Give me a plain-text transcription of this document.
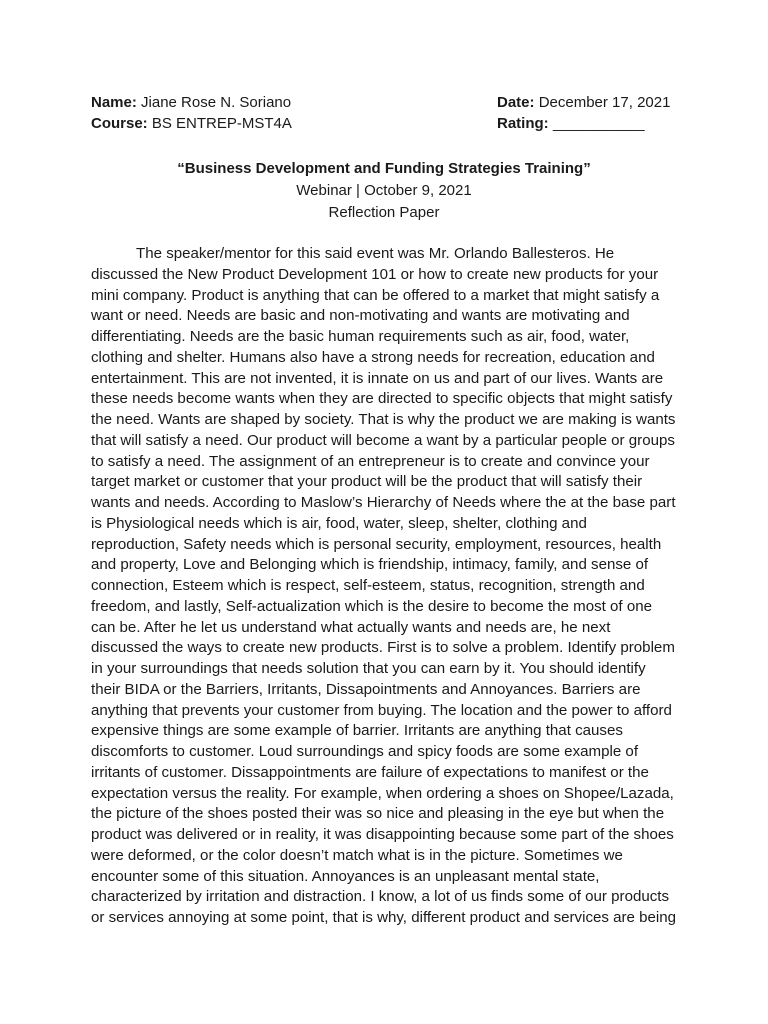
Name: Jiane Rose N. Soriano	Date: December 17, 2021
Course: BS ENTREP-MST4A	Rating: ___________
“Business Development and Funding Strategies Training”
Webinar | October 9, 2021
Reflection Paper
The speaker/mentor for this said event was Mr. Orlando Ballesteros. He
discussed the New Product Development 101 or how to create new products for your
mini company. Product is anything that can be offered to a market that might satisfy a
want or need. Needs are basic and non-motivating and wants are motivating and
differentiating. Needs are the basic human requirements such as air, food, water,
clothing and shelter. Humans also have a strong needs for recreation, education and
entertainment. This are not invented, it is innate on us and part of our lives. Wants are
these needs become wants when they are directed to specific objects that might satisfy
the need. Wants are shaped by society. That is why the product we are making is wants
that will satisfy a need. Our product will become a want by a particular people or groups
to satisfy a need. The assignment of an entrepreneur is to create and convince your
target market or customer that your product will be the product that will satisfy their
wants and needs. According to Maslow’s Hierarchy of Needs where the at the base part
is Physiological needs which is air, food, water, sleep, shelter, clothing and
reproduction, Safety needs which is personal security, employment, resources, health
and property, Love and Belonging which is friendship, intimacy, family, and sense of
connection, Esteem which is respect, self-esteem, status, recognition, strength and
freedom, and lastly, Self-actualization which is the desire to become the most of one
can be. After he let us understand what actually wants and needs are, he next
discussed the ways to create new products. First is to solve a problem. Identify problem
in your surroundings that needs solution that you can earn by it. You should identify
their BIDA or the Barriers, Irritants, Dissapointments and Annoyances. Barriers are
anything that prevents your customer from buying. The location and the power to afford
expensive things are some example of barrier. Irritants are anything that causes
discomforts to customer. Loud surroundings and spicy foods are some example of
irritants of customer. Dissappointments are failure of expectations to manifest or the
expectation versus the reality. For example, when ordering a shoes on Shopee/Lazada,
the picture of the shoes posted their was so nice and pleasing in the eye but when the
product was delivered or in reality, it was disappointing because some part of the shoes
were deformed, or the color doesn’t match what is in the picture. Sometimes we
encounter some of this situation. Annoyances is an unpleasant mental state,
characterized by irritation and distraction. I know, a lot of us finds some of our products
or services annoying at some point, that is why, different product and services are being
